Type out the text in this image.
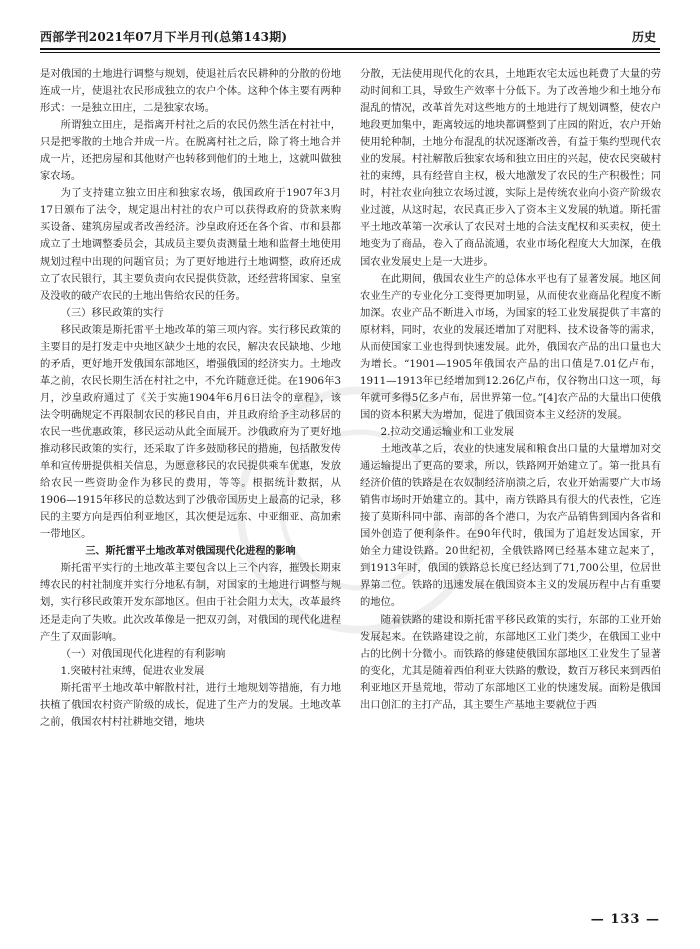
西部学刊2021年07月下半月刊(总第143期)	历史

是对俄国的土地进行调整与规划，使退社后农民耕种的分散的份地连成一片，使退社农民形成独立的农户个体。这种个体主要有两种形式：一是独立田庄，二是独家农场。

所谓独立田庄，是指离开村社之后的农民仍然生活在村社中，只是把零散的土地合并成一片。在脱离村社之后，除了将土地合并成一片，还把房屋和其他财产也转移到他们的土地上，这就叫做独家农场。

为了支持建立独立田庄和独家农场，俄国政府于1907年3月17日颁布了法令，规定退出村社的农户可以获得政府的贷款来购买设备、建筑房屋或者改善经济。沙皇政府还在各个省、市和县都成立了土地调整委员会，其成员主要负责测量土地和监督土地使用规划过程中出现的问题官员；为了更好地进行土地调整，政府还成立了农民银行，其主要负责向农民提供贷款，还经营将国家、皇室及没收的破产农民的土地出售给农民的任务。

（三）移民政策的实行

移民政策是斯托雷平土地改革的第三项内容。实行移民政策的主要目的是打发走中央地区缺少土地的农民，解决农民缺地、少地的矛盾，更好地开发俄国东部地区，增强俄国的经济实力。土地改革之前，农民长期生活在村社之中，不允许随意迁徙。在1906年3月，沙皇政府通过了《关于实施1904年6月6日法令的章程》，该法令明确规定不再限制农民的移民自由，并且政府给予主动移居的农民一些优惠政策，移民运动从此全面展开。沙俄政府为了更好地推动移民政策的实行，还采取了许多鼓励移民的措施，包括散发传单和宣传册提供相关信息，为愿意移民的农民提供乘车优惠，发放给农民一些资助金作为移民的费用，等等。根据统计数据，从1906—1915年移民的总数达到了沙俄帝国历史上最高的记录，移民的主要方向是西伯利亚地区，其次便是远东、中亚细亚、高加索一带地区。

三、斯托雷平土地改革对俄国现代化进程的影响

斯托雷平实行的土地改革主要包含以上三个内容，摧毁长期束缚农民的村社制度并实行分地私有制，对国家的土地进行调整与规划，实行移民政策开发东部地区。但由于社会阻力太大，改革最终还是走向了失败。此次改革像是一把双刃剑，对俄国的现代化进程产生了双面影响。

（一）对俄国现代化进程的有利影响

1.突破村社束缚，促进农业发展

斯托雷平土地改革中解散村社，进行土地规划等措施，有力地扶植了俄国农村资产阶级的成长，促进了生产力的发展。土地改革之前，俄国农村村社耕地交错，地块

分散，无法使用现代化的农具，土地距农宅太远也耗费了大量的劳动时间和工具，导致生产效率十分低下。为了改善地少和土地分布混乱的情况，改革首先对这些地方的土地进行了规划调整，使农户地段更加集中，距离较远的地块都调整到了庄园的附近，农户开始使用轮种制，土地分布混乱的状况逐渐改善，有益于集约型现代农业的发展。村社解散后独家农场和独立田庄的兴起，使农民突破村社的束缚，具有经营自主权，极大地激发了农民的生产积极性；同时，村社农业向独立农场过渡，实际上是传统农业向小资产阶级农业过渡，从这时起，农民真正步入了资本主义发展的轨道。斯托雷平土地改革第一次承认了农民对土地的合法支配权和买卖权，使土地变为了商品，卷入了商品流通，农业市场化程度大大加深，在俄国农业发展史上是一大进步。

在此期间，俄国农业生产的总体水平也有了显著发展。地区间农业生产的专业化分工变得更加明显，从而使农业商品化程度不断加深。农业产品不断进入市场，为国家的轻工业发展提供了丰富的原材料，同时，农业的发展还增加了对肥料、技术设备等的需求，从而使国家工业也得到快速发展。此外，俄国农产品的出口量也大为增长。“1901—1905年俄国农产品的出口值是7.01亿卢布，1911—1913年已经增加到12.26亿卢布，仅谷物出口这一项，每年就可多得5亿多卢布，居世界第一位。”[4]农产品的大量出口使俄国的资本积累大为增加，促进了俄国资本主义经济的发展。

2.拉动交通运输业和工业发展

土地改革之后，农业的快速发展和粮食出口量的大量增加对交通运输提出了更高的要求，所以，铁路网开始建立了。第一批具有经济价值的铁路是在农奴制经济崩溃之后，农业开始需要广大市场销售市场时开始建立的。其中，南方铁路具有很大的代表性，它连接了莫斯科同中部、南部的各个港口，为农产品销售到国内各省和国外创造了便利条件。在90年代时，俄国为了追赶发达国家，开始全力建设铁路。20世纪初，全俄铁路网已经基本建立起来了，到1913年时，俄国的铁路总长度已经达到了71,700公里，位居世界第二位。铁路的迅速发展在俄国资本主义的发展历程中占有重要的地位。

随着铁路的建设和斯托雷平移民政策的实行，东部的工业开始发展起来。在铁路建设之前，东部地区工业门类少，在俄国工业中占的比例十分微小。而铁路的修建使俄国东部地区工业发生了显著的变化，尤其是随着西伯利亚大铁路的敷设，数百万移民来到西伯利亚地区开垦荒地，带动了东部地区工业的快速发展。面粉是俄国出口创汇的主打产品，其主要生产基地主要就位于西

— 133 —
